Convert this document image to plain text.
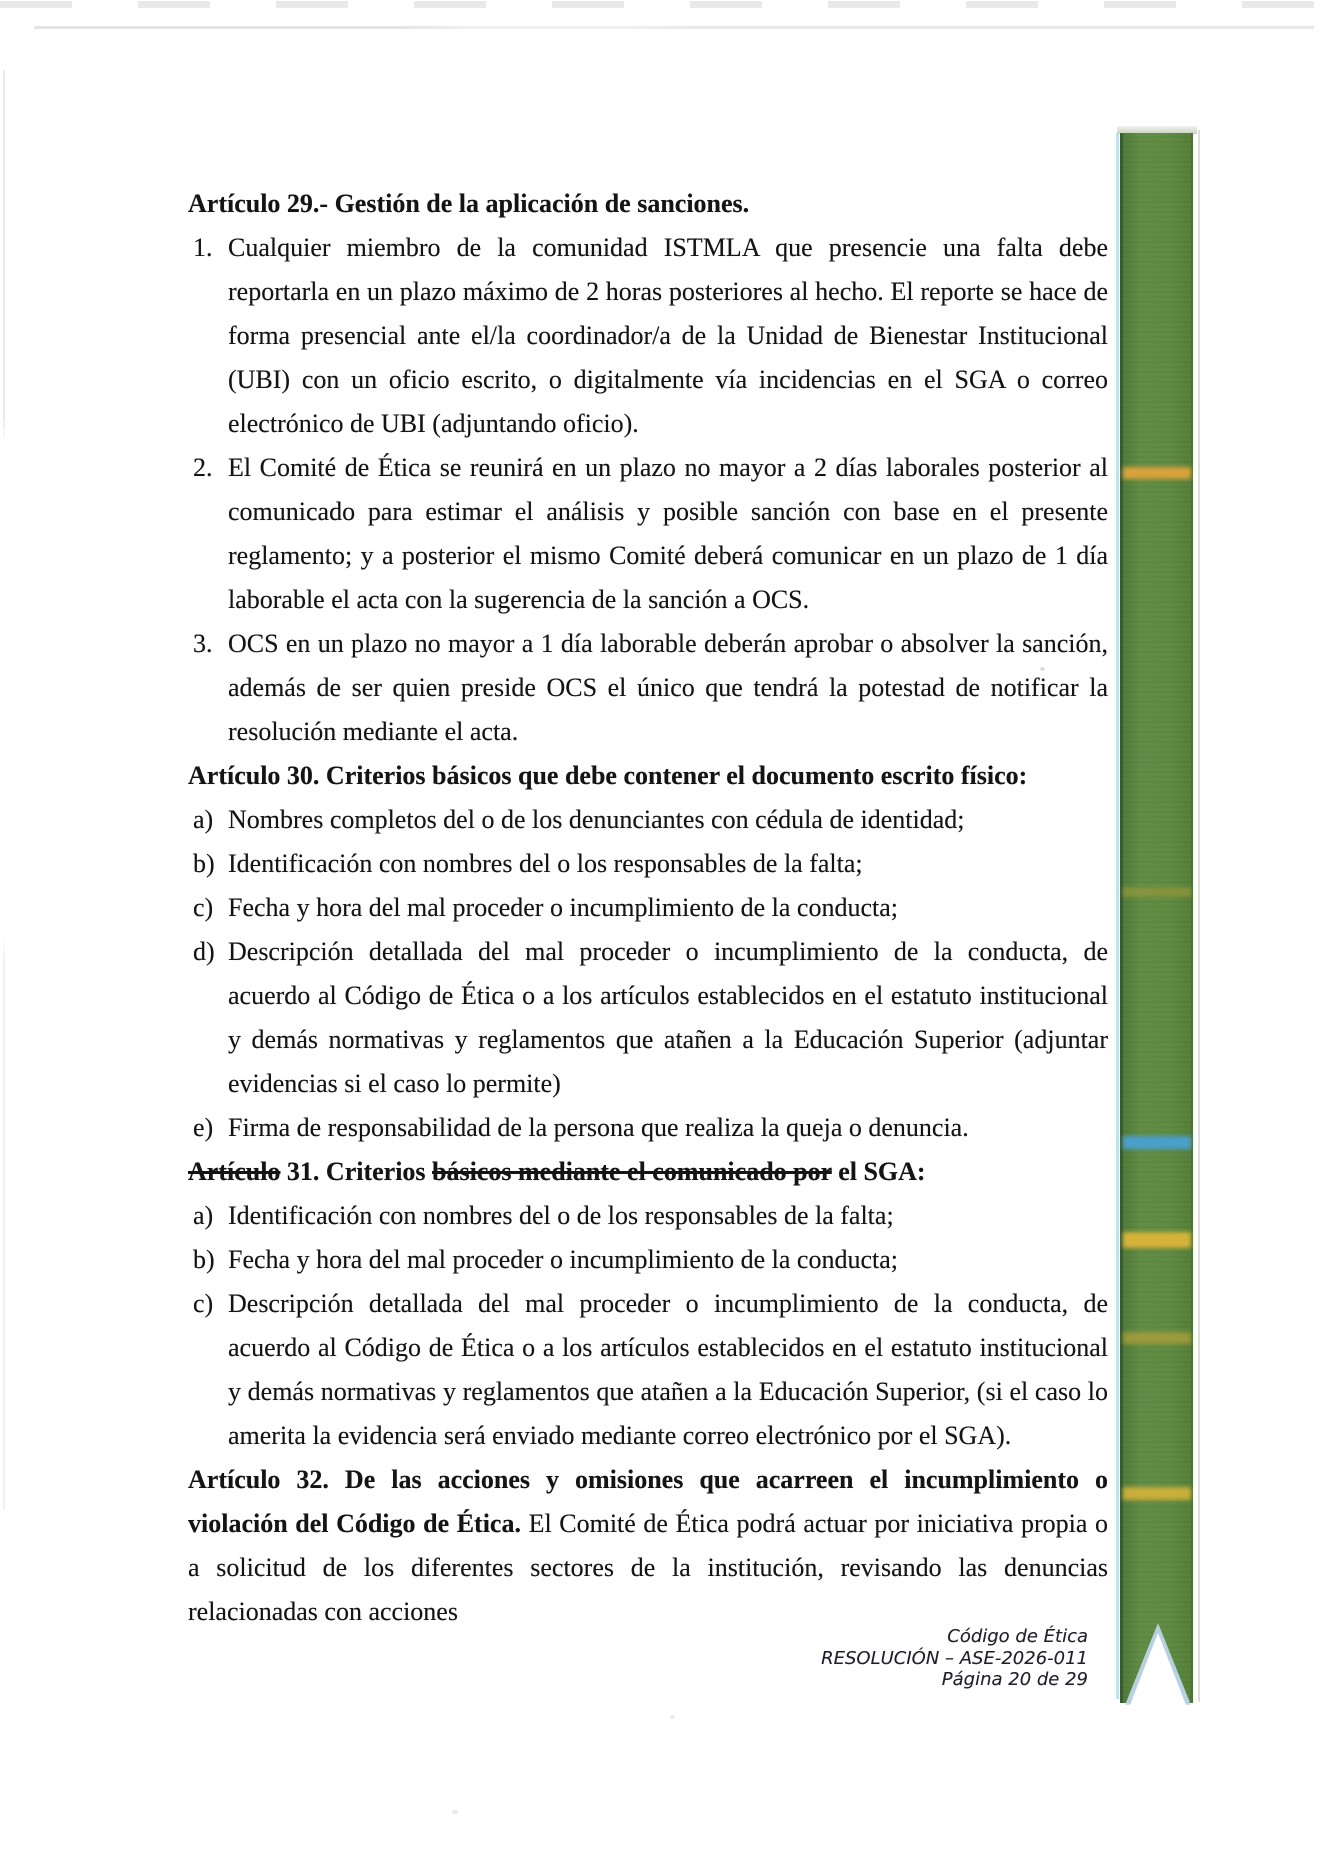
Artículo 29.- Gestión de la aplicación de sanciones.

1. Cualquier miembro de la comunidad ISTMLA que presencie una falta debe reportarla en un plazo máximo de 2 horas posteriores al hecho. El reporte se hace de forma presencial ante el/la coordinador/a de la Unidad de Bienestar Institucional (UBI) con un oficio escrito, o digitalmente vía incidencias en el SGA o correo electrónico de UBI (adjuntando oficio).

2. El Comité de Ética se reunirá en un plazo no mayor a 2 días laborales posterior al comunicado para estimar el análisis y posible sanción con base en el presente reglamento; y a posterior el mismo Comité deberá comunicar en un plazo de 1 día laborable el acta con la sugerencia de la sanción a OCS.

3. OCS en un plazo no mayor a 1 día laborable deberán aprobar o absolver la sanción, además de ser quien preside OCS el único que tendrá la potestad de notificar la resolución mediante el acta.

Artículo 30. Criterios básicos que debe contener el documento escrito físico:

a) Nombres completos del o de los denunciantes con cédula de identidad;

b) Identificación con nombres del o los responsables de la falta;

c) Fecha y hora del mal proceder o incumplimiento de la conducta;

d) Descripción detallada del mal proceder o incumplimiento de la conducta, de acuerdo al Código de Ética o a los artículos establecidos en el estatuto institucional y demás normativas y reglamentos que atañen a la Educación Superior (adjuntar evidencias si el caso lo permite)

e) Firma de responsabilidad de la persona que realiza la queja o denuncia.

Artículo 31. Criterios básicos mediante el comunicado por el SGA:

a) Identificación con nombres del o de los responsables de la falta;

b) Fecha y hora del mal proceder o incumplimiento de la conducta;

c) Descripción detallada del mal proceder o incumplimiento de la conducta, de acuerdo al Código de Ética o a los artículos establecidos en el estatuto institucional y demás normativas y reglamentos que atañen a la Educación Superior, (si el caso lo amerita la evidencia será enviado mediante correo electrónico por el SGA).

Artículo 32. De las acciones y omisiones que acarreen el incumplimiento o violación del Código de Ética. El Comité de Ética podrá actuar por iniciativa propia o a solicitud de los diferentes sectores de la institución, revisando las denuncias relacionadas con acciones

Código de Ética
RESOLUCIÓN – ASE-2026-011
Página 20 de 29
